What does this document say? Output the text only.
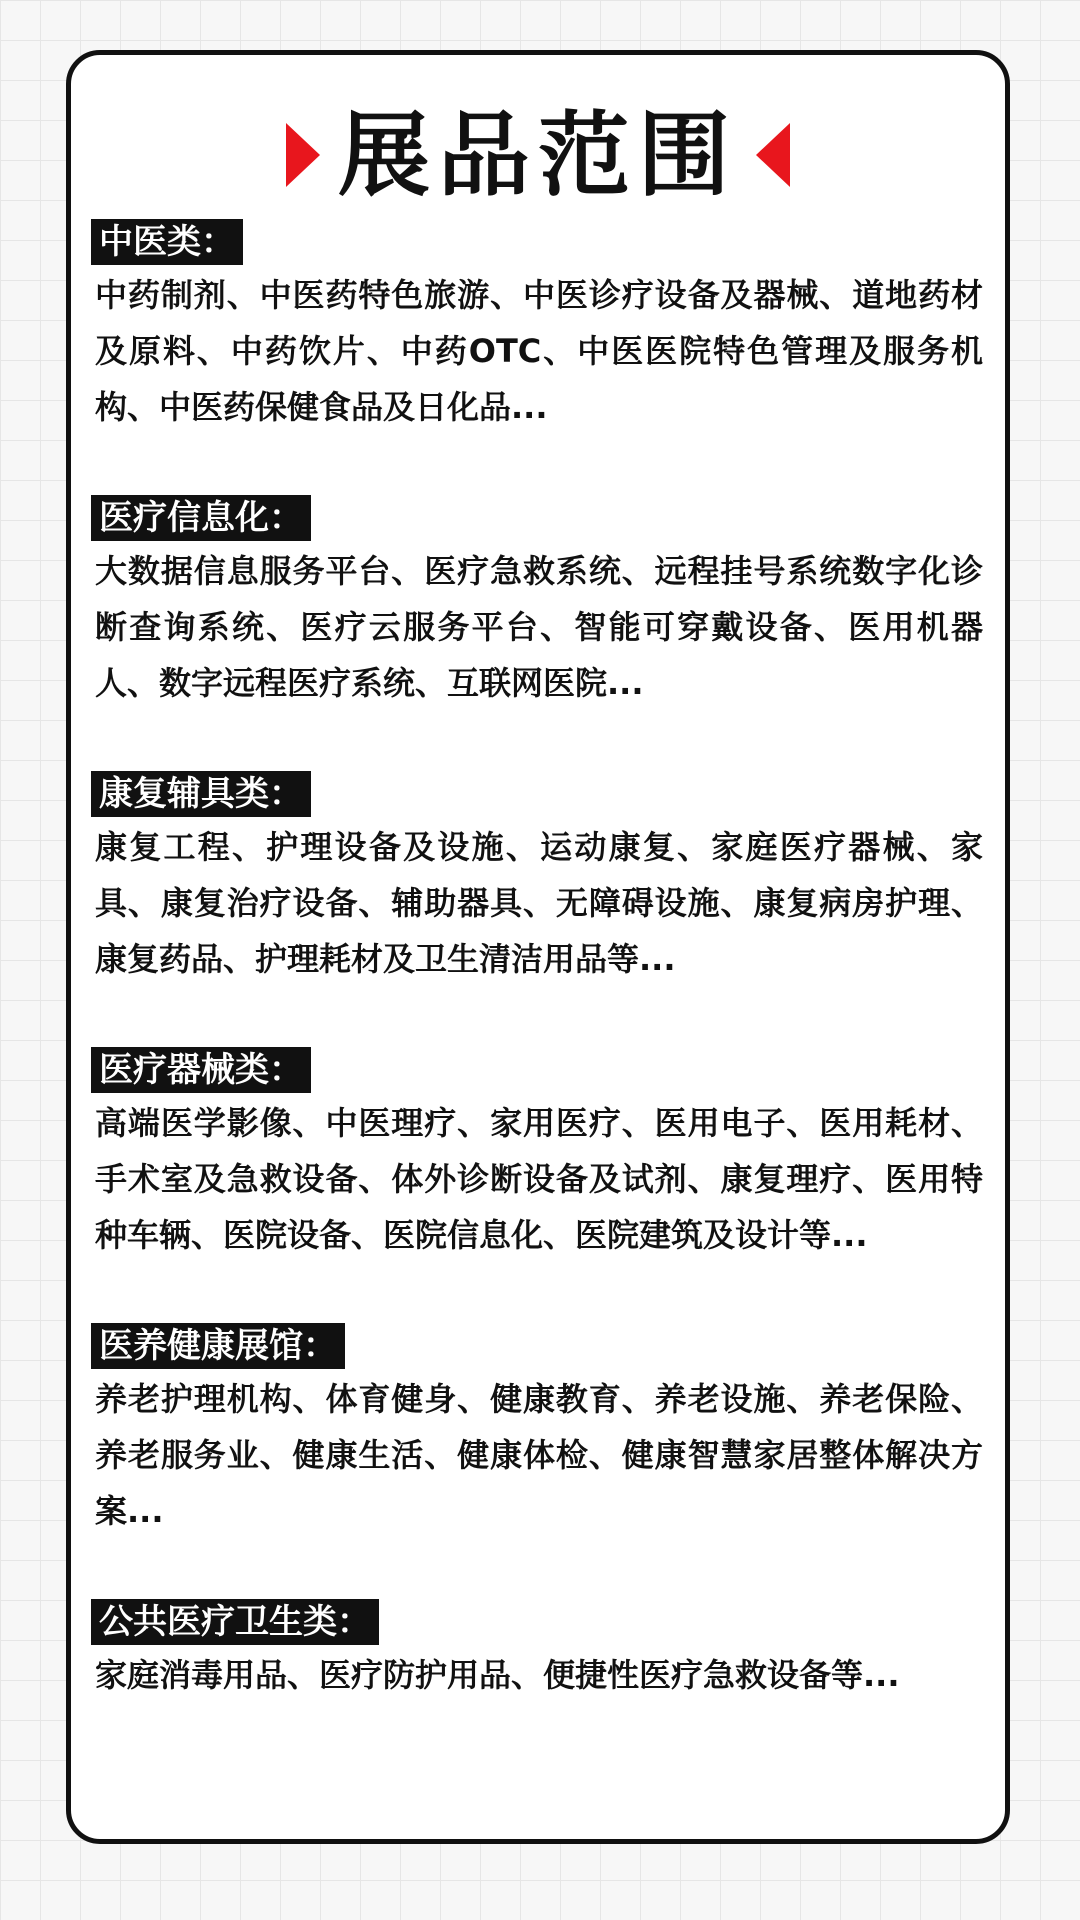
展品范围
中医类：
中药制剂、中医药特色旅游、中医诊疗设备及器械、道地药材及原料、中药饮片、中药OTC、中医医院特色管理及服务机构、中医药保健食品及日化品...
医疗信息化：
大数据信息服务平台、医疗急救系统、远程挂号系统数字化诊断查询系统、医疗云服务平台、智能可穿戴设备、医用机器人、数字远程医疗系统、互联网医院...
康复辅具类：
康复工程、护理设备及设施、运动康复、家庭医疗器械、家具、康复治疗设备、辅助器具、无障碍设施、康复病房护理、康复药品、护理耗材及卫生清洁用品等...
医疗器械类：
高端医学影像、中医理疗、家用医疗、医用电子、医用耗材、手术室及急救设备、体外诊断设备及试剂、康复理疗、医用特种车辆、医院设备、医院信息化、医院建筑及设计等...
医养健康展馆：
养老护理机构、体育健身、健康教育、养老设施、养老保险、养老服务业、健康生活、健康体检、健康智慧家居整体解决方案...
公共医疗卫生类：
家庭消毒用品、医疗防护用品、便捷性医疗急救设备等...
